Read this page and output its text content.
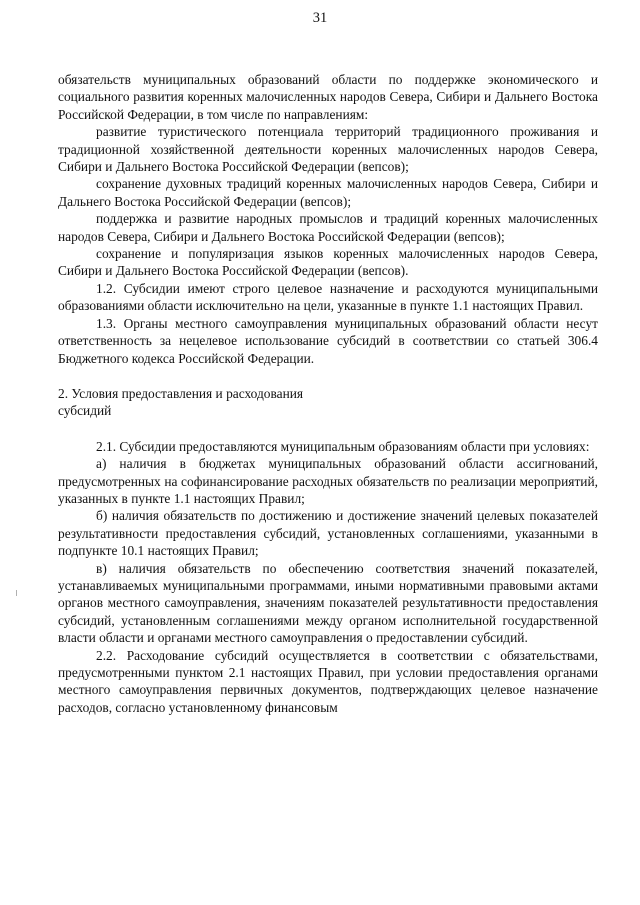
31

обязательств муниципальных образований области по поддержке экономического и социального развития коренных малочисленных народов Севера, Сибири и Дальнего Востока Российской Федерации, в том числе по направлениям:

развитие туристического потенциала территорий традиционного проживания и традиционной хозяйственной деятельности коренных малочисленных народов Севера, Сибири и Дальнего Востока Российской Федерации (вепсов);

сохранение духовных традиций коренных малочисленных народов Севера, Сибири и Дальнего Востока Российской Федерации (вепсов);

поддержка и развитие народных промыслов и традиций коренных малочисленных народов Севера, Сибири и Дальнего Востока Российской Федерации (вепсов);

сохранение и популяризация языков коренных малочисленных народов Севера, Сибири и Дальнего Востока Российской Федерации (вепсов).

1.2. Субсидии имеют строго целевое назначение и расходуются муниципальными образованиями области исключительно на цели, указанные в пункте 1.1 настоящих Правил.

1.3. Органы местного самоуправления муниципальных образований области несут ответственность за нецелевое использование субсидий в соответствии со статьей 306.4 Бюджетного кодекса Российской Федерации.

2. Условия предоставления и расходования
субсидий

2.1. Субсидии предоставляются муниципальным образованиям области при условиях:

а) наличия в бюджетах муниципальных образований области ассигнований, предусмотренных на софинансирование расходных обязательств по реализации мероприятий, указанных в пункте 1.1 настоящих Правил;

б) наличия обязательств по достижению и достижение значений целевых показателей результативности предоставления субсидий, установленных соглашениями, указанными в подпункте 10.1 настоящих Правил;

в) наличия обязательств по обеспечению соответствия значений показателей, устанавливаемых муниципальными программами, иными нормативными правовыми актами органов местного самоуправления, значениям показателей результативности предоставления субсидий, установленным соглашениями между органом исполнительной государственной власти области и органами местного самоуправления о предоставлении субсидий.

2.2. Расходование субсидий осуществляется в соответствии с обязательствами, предусмотренными пунктом 2.1 настоящих Правил, при условии предоставления органами местного самоуправления первичных документов, подтверждающих целевое назначение расходов, согласно установленному финансовым
